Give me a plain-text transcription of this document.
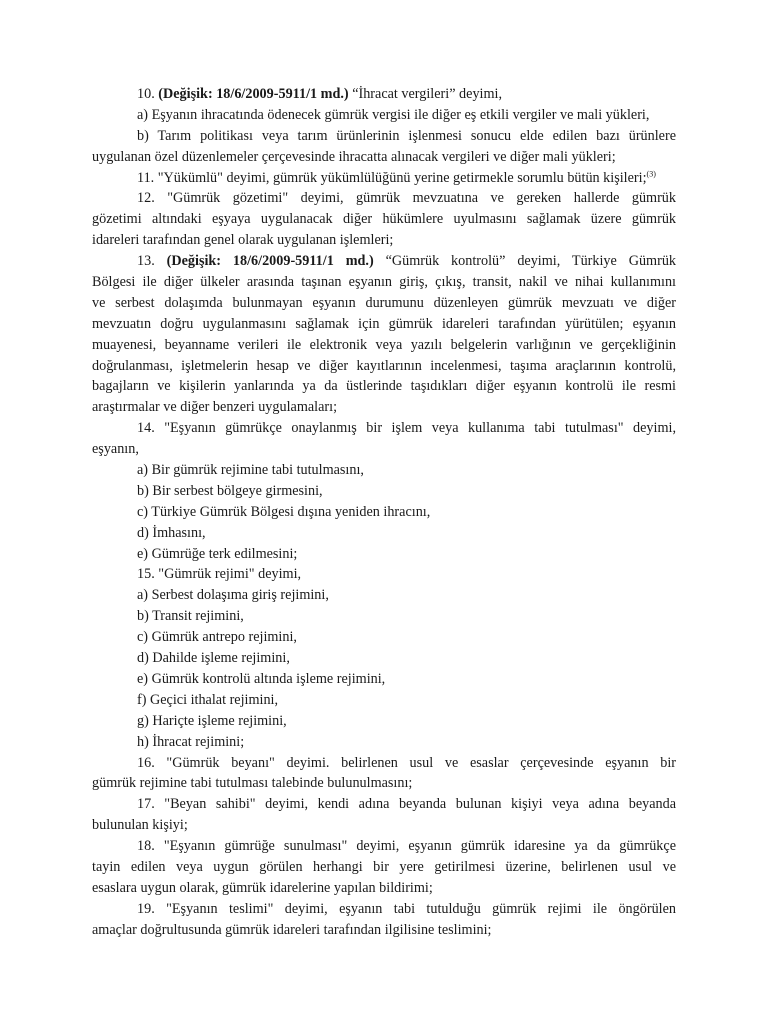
10. (Değişik: 18/6/2009-5911/1 md.) “İhracat vergileri” deyimi,
a) Eşyanın ihracatında ödenecek gümrük vergisi ile diğer eş etkili vergiler ve mali yükleri,
b) Tarım politikası veya tarım ürünlerinin işlenmesi sonucu elde edilen bazı ürünlere
uygulanan özel düzenlemeler çerçevesinde ihracatta alınacak vergileri ve diğer mali yükleri;
11. "Yükümlü" deyimi, gümrük yükümlülüğünü yerine getirmekle sorumlu bütün kişileri;$^{(3)}$
12. "Gümrük gözetimi" deyimi, gümrük mevzuatına ve gereken hallerde gümrük
gözetimi altındaki eşyaya uygulanacak diğer hükümlere uyulmasını sağlamak üzere gümrük
idareleri tarafından genel olarak uygulanan işlemleri;
13. (Değişik: 18/6/2009-5911/1 md.) “Gümrük kontrolü” deyimi, Türkiye Gümrük
Bölgesi ile diğer ülkeler arasında taşınan eşyanın giriş, çıkış, transit, nakil ve nihai kullanımını
ve serbest dolaşımda bulunmayan eşyanın durumunu düzenleyen gümrük mevzuatı ve diğer
mevzuatın doğru uygulanmasını sağlamak için gümrük idareleri tarafından yürütülen; eşyanın
muayenesi, beyanname verileri ile elektronik veya yazılı belgelerin varlığının ve gerçekliğinin
doğrulanması, işletmelerin hesap ve diğer kayıtlarının incelenmesi, taşıma araçlarının kontrolü,
bagajların ve kişilerin yanlarında ya da üstlerinde taşıdıkları diğer eşyanın kontrolü ile resmi
araştırmalar ve diğer benzeri uygulamaları;
14. "Eşyanın gümrükçe onaylanmış bir işlem veya kullanıma tabi tutulması" deyimi,
eşyanın,
a) Bir gümrük rejimine tabi tutulmasını,
b) Bir serbest bölgeye girmesini,
c) Türkiye Gümrük Bölgesi dışına yeniden ihracını,
d) İmhasını,
e) Gümrüğe terk edilmesini;
15. "Gümrük rejimi" deyimi,
a) Serbest dolaşıma giriş rejimini,
b) Transit rejimini,
c) Gümrük antrepo rejimini,
d) Dahilde işleme rejimini,
e) Gümrük kontrolü altında işleme rejimini,
f) Geçici ithalat rejimini,
g) Hariçte işleme rejimini,
h) İhracat rejimini;
16. "Gümrük beyanı" deyimi. belirlenen usul ve esaslar çerçevesinde eşyanın bir
gümrük rejimine tabi tutulması talebinde bulunulmasını;
17. "Beyan sahibi" deyimi, kendi adına beyanda bulunan kişiyi veya adına beyanda
bulunulan kişiyi;
18. "Eşyanın gümrüğe sunulması" deyimi, eşyanın gümrük idaresine ya da gümrükçe
tayin edilen veya uygun görülen herhangi bir yere getirilmesi üzerine, belirlenen usul ve
esaslara uygun olarak, gümrük idarelerine yapılan bildirimi;
19. "Eşyanın teslimi" deyimi, eşyanın tabi tutulduğu gümrük rejimi ile öngörülen
amaçlar doğrultusunda gümrük idareleri tarafından ilgilisine teslimini;
